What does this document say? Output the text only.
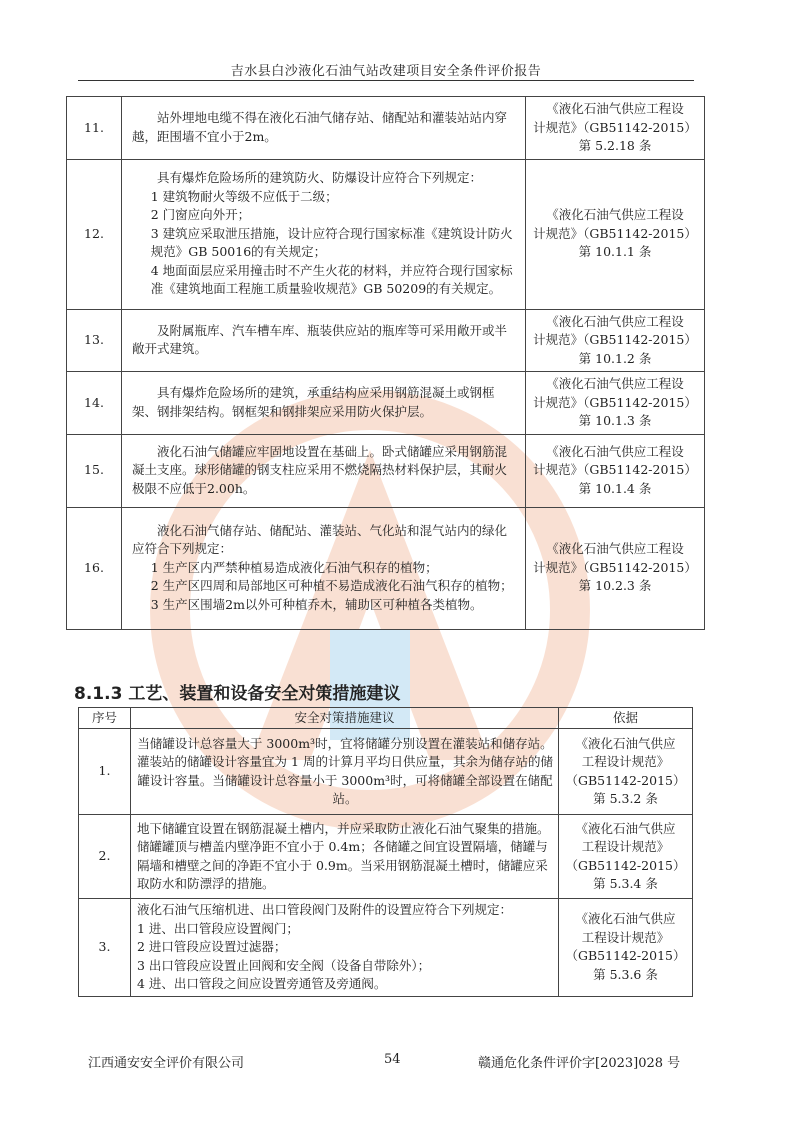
吉水县白沙液化石油气站改建项目安全条件评价报告
11.	站外埋地电缆不得在液化石油气储存站、储配站和灌装站站内穿越，距围墙不宜小于2m。	《液化石油气供应工程设
计规范》（GB51142-2015）
第 5.2.18 条

12.	具有爆炸危险场所的建筑防火、防爆设计应符合下列规定：
1 建筑物耐火等级不应低于二级；
2 门窗应向外开；
3 建筑应采取泄压措施，设计应符合现行国家标准《建筑设计防火规范》GB 50016的有关规定；
4 地面面层应采用撞击时不产生火花的材料，并应符合现行国家标准《建筑地面工程施工质量验收规范》GB 50209的有关规定。	《液化石油气供应工程设
计规范》（GB51142-2015）
第 10.1.1 条

13.	及附属瓶库、汽车槽车库、瓶装供应站的瓶库等可采用敞开或半敞开式建筑。	《液化石油气供应工程设
计规范》（GB51142-2015）
第 10.1.2 条

14.	具有爆炸危险场所的建筑，承重结构应采用钢筋混凝土或钢框架、钢排架结构。钢框架和钢排架应采用防火保护层。	《液化石油气供应工程设
计规范》（GB51142-2015）
第 10.1.3 条

15.	液化石油气储罐应牢固地设置在基础上。卧式储罐应采用钢筋混凝土支座。球形储罐的钢支柱应采用不燃烧隔热材料保护层，其耐火极限不应低于2.00h。	《液化石油气供应工程设
计规范》（GB51142-2015）
第 10.1.4 条

16.	液化石油气储存站、储配站、灌装站、气化站和混气站内的绿化应符合下列规定：
1 生产区内严禁种植易造成液化石油气积存的植物；
2 生产区四周和局部地区可种植不易造成液化石油气积存的植物；
3 生产区围墙2m以外可种植乔木，辅助区可种植各类植物。	《液化石油气供应工程设
计规范》（GB51142-2015）
第 10.2.3 条
8.1.3 工艺、装置和设备安全对策措施建议
序号	安全对策措施建议	依据
1.	当储罐设计总容量大于 3000m³时，宜将储罐分别设置在灌装站和储存站。灌装站的储罐设计容量宜为 1 周的计算月平均日供应量，其余为储存站的储罐设计容量。当储罐设计总容量小于 3000m³时，可将储罐全部设置在储配站。	《液化石油气供应
工程设计规范》
（GB51142-2015）
第 5.3.2 条

2.	地下储罐宜设置在钢筋混凝土槽内，并应采取防止液化石油气聚集的措施。储罐罐顶与槽盖内壁净距不宜小于 0.4m；各储罐之间宜设置隔墙，储罐与隔墙和槽壁之间的净距不宜小于 0.9m。当采用钢筋混凝土槽时，储罐应采取防水和防漂浮的措施。	《液化石油气供应
工程设计规范》
（GB51142-2015）
第 5.3.4 条

3.	液化石油气压缩机进、出口管段阀门及附件的设置应符合下列规定：
1 进、出口管段应设置阀门；
2 进口管段应设置过滤器；
3 出口管段应设置止回阀和安全阀（设备自带除外）；
4 进、出口管段之间应设置旁通管及旁通阀。	《液化石油气供应
工程设计规范》
（GB51142-2015）
第 5.3.6 条
江西通安安全评价有限公司	54	赣通危化条件评价字[2023]028 号
